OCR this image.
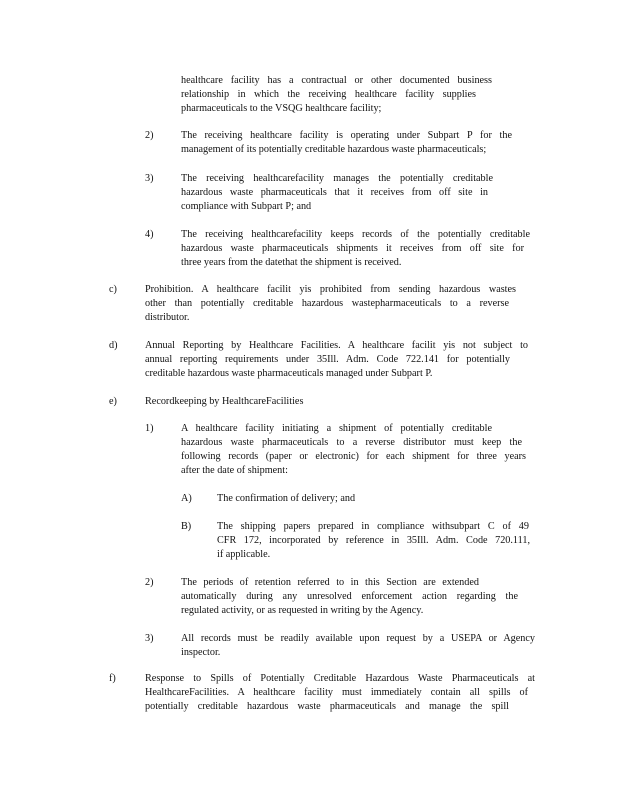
healthcare facility has a contractual or other documented business
relationship in which the receiving healthcare facility supplies
pharmaceuticals to the VSQG healthcare facility;
2)	The receiving healthcare facility is operating under Subpart P for the
management of its potentially creditable hazardous waste pharmaceuticals;
3)	The receiving healthcarefacility manages the potentially creditable
hazardous waste pharmaceuticals that it receives from off site in
compliance with Subpart P; and
4)	The receiving healthcarefacility keeps records of the potentially creditable
hazardous waste pharmaceuticals shipments it receives from off site for
three years from the datethat the shipment is received.
c)	Prohibition. A healthcare facilit yis prohibited from sending hazardous wastes
other than potentially creditable hazardous wastepharmaceuticals to a reverse
distributor.
d)	Annual Reporting by Healthcare Facilities. A healthcare facilit yis not subject to
annual reporting requirements under 35Ill. Adm. Code 722.141 for potentially
creditable hazardous waste pharmaceuticals managed under Subpart P.
e)	Recordkeeping by HealthcareFacilities
1)	A healthcare facility initiating a shipment of potentially creditable
hazardous waste pharmaceuticals to a reverse distributor must keep the
following records (paper or electronic) for each shipment for three years
after the date of shipment:
A) The confirmation of delivery; and
B)	The shipping papers prepared in compliance withsubpart C of 49
CFR 172, incorporated by reference in 35Ill. Adm. Code 720.111,
if applicable.
2)	The periods of retention referred to in this Section are extended
automatically during any unresolved enforcement action regarding the
regulated activity, or as requested in writing by the Agency.
3)	All records must be readily available upon request by a USEPA or Agency
inspector.
f)	Response to Spills of Potentially Creditable Hazardous Waste Pharmaceuticals at
HealthcareFacilities. A healthcare facility must immediately contain all spills of
potentially creditable hazardous waste pharmaceuticals and manage the spill
